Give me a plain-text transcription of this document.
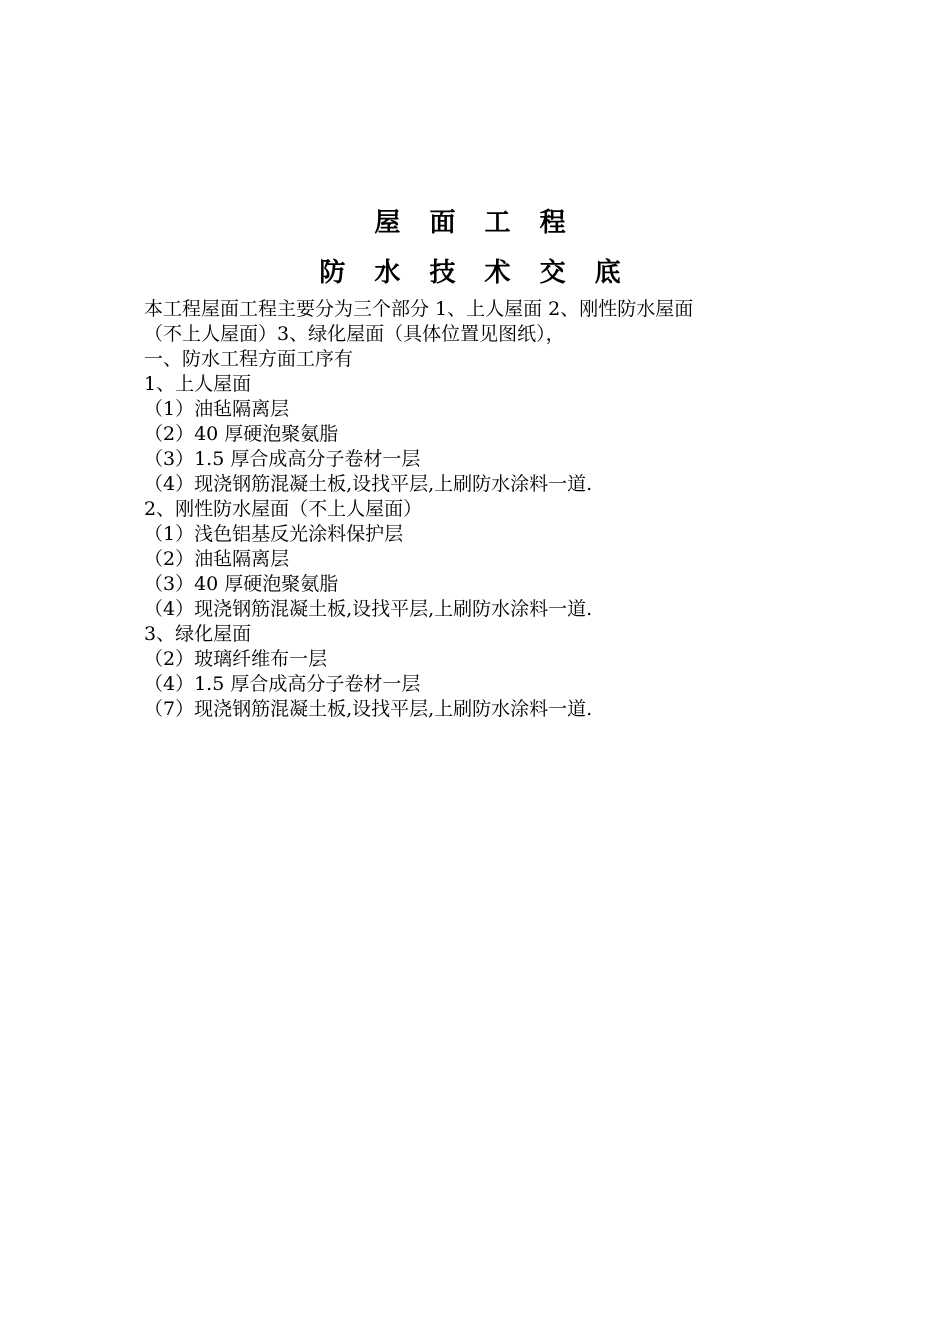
屋 面 工 程
防 水 技 术 交 底
本工程屋面工程主要分为三个部分 1、上人屋面 2、刚性防水屋面
（不上人屋面）3、绿化屋面（具体位置见图纸），
一、防水工程方面工序有
1、上人屋面
（1）油毡隔离层
（2）40 厚硬泡聚氨脂
（3）1.5 厚合成高分子卷材一层
（4）现浇钢筋混凝土板,设找平层,上刷防水涂料一道.
2、刚性防水屋面（不上人屋面）
（1）浅色铝基反光涂料保护层
（2）油毡隔离层
（3）40 厚硬泡聚氨脂
（4）现浇钢筋混凝土板,设找平层,上刷防水涂料一道.
3、绿化屋面
（2）玻璃纤维布一层
（4）1.5 厚合成高分子卷材一层
（7）现浇钢筋混凝土板,设找平层,上刷防水涂料一道.
